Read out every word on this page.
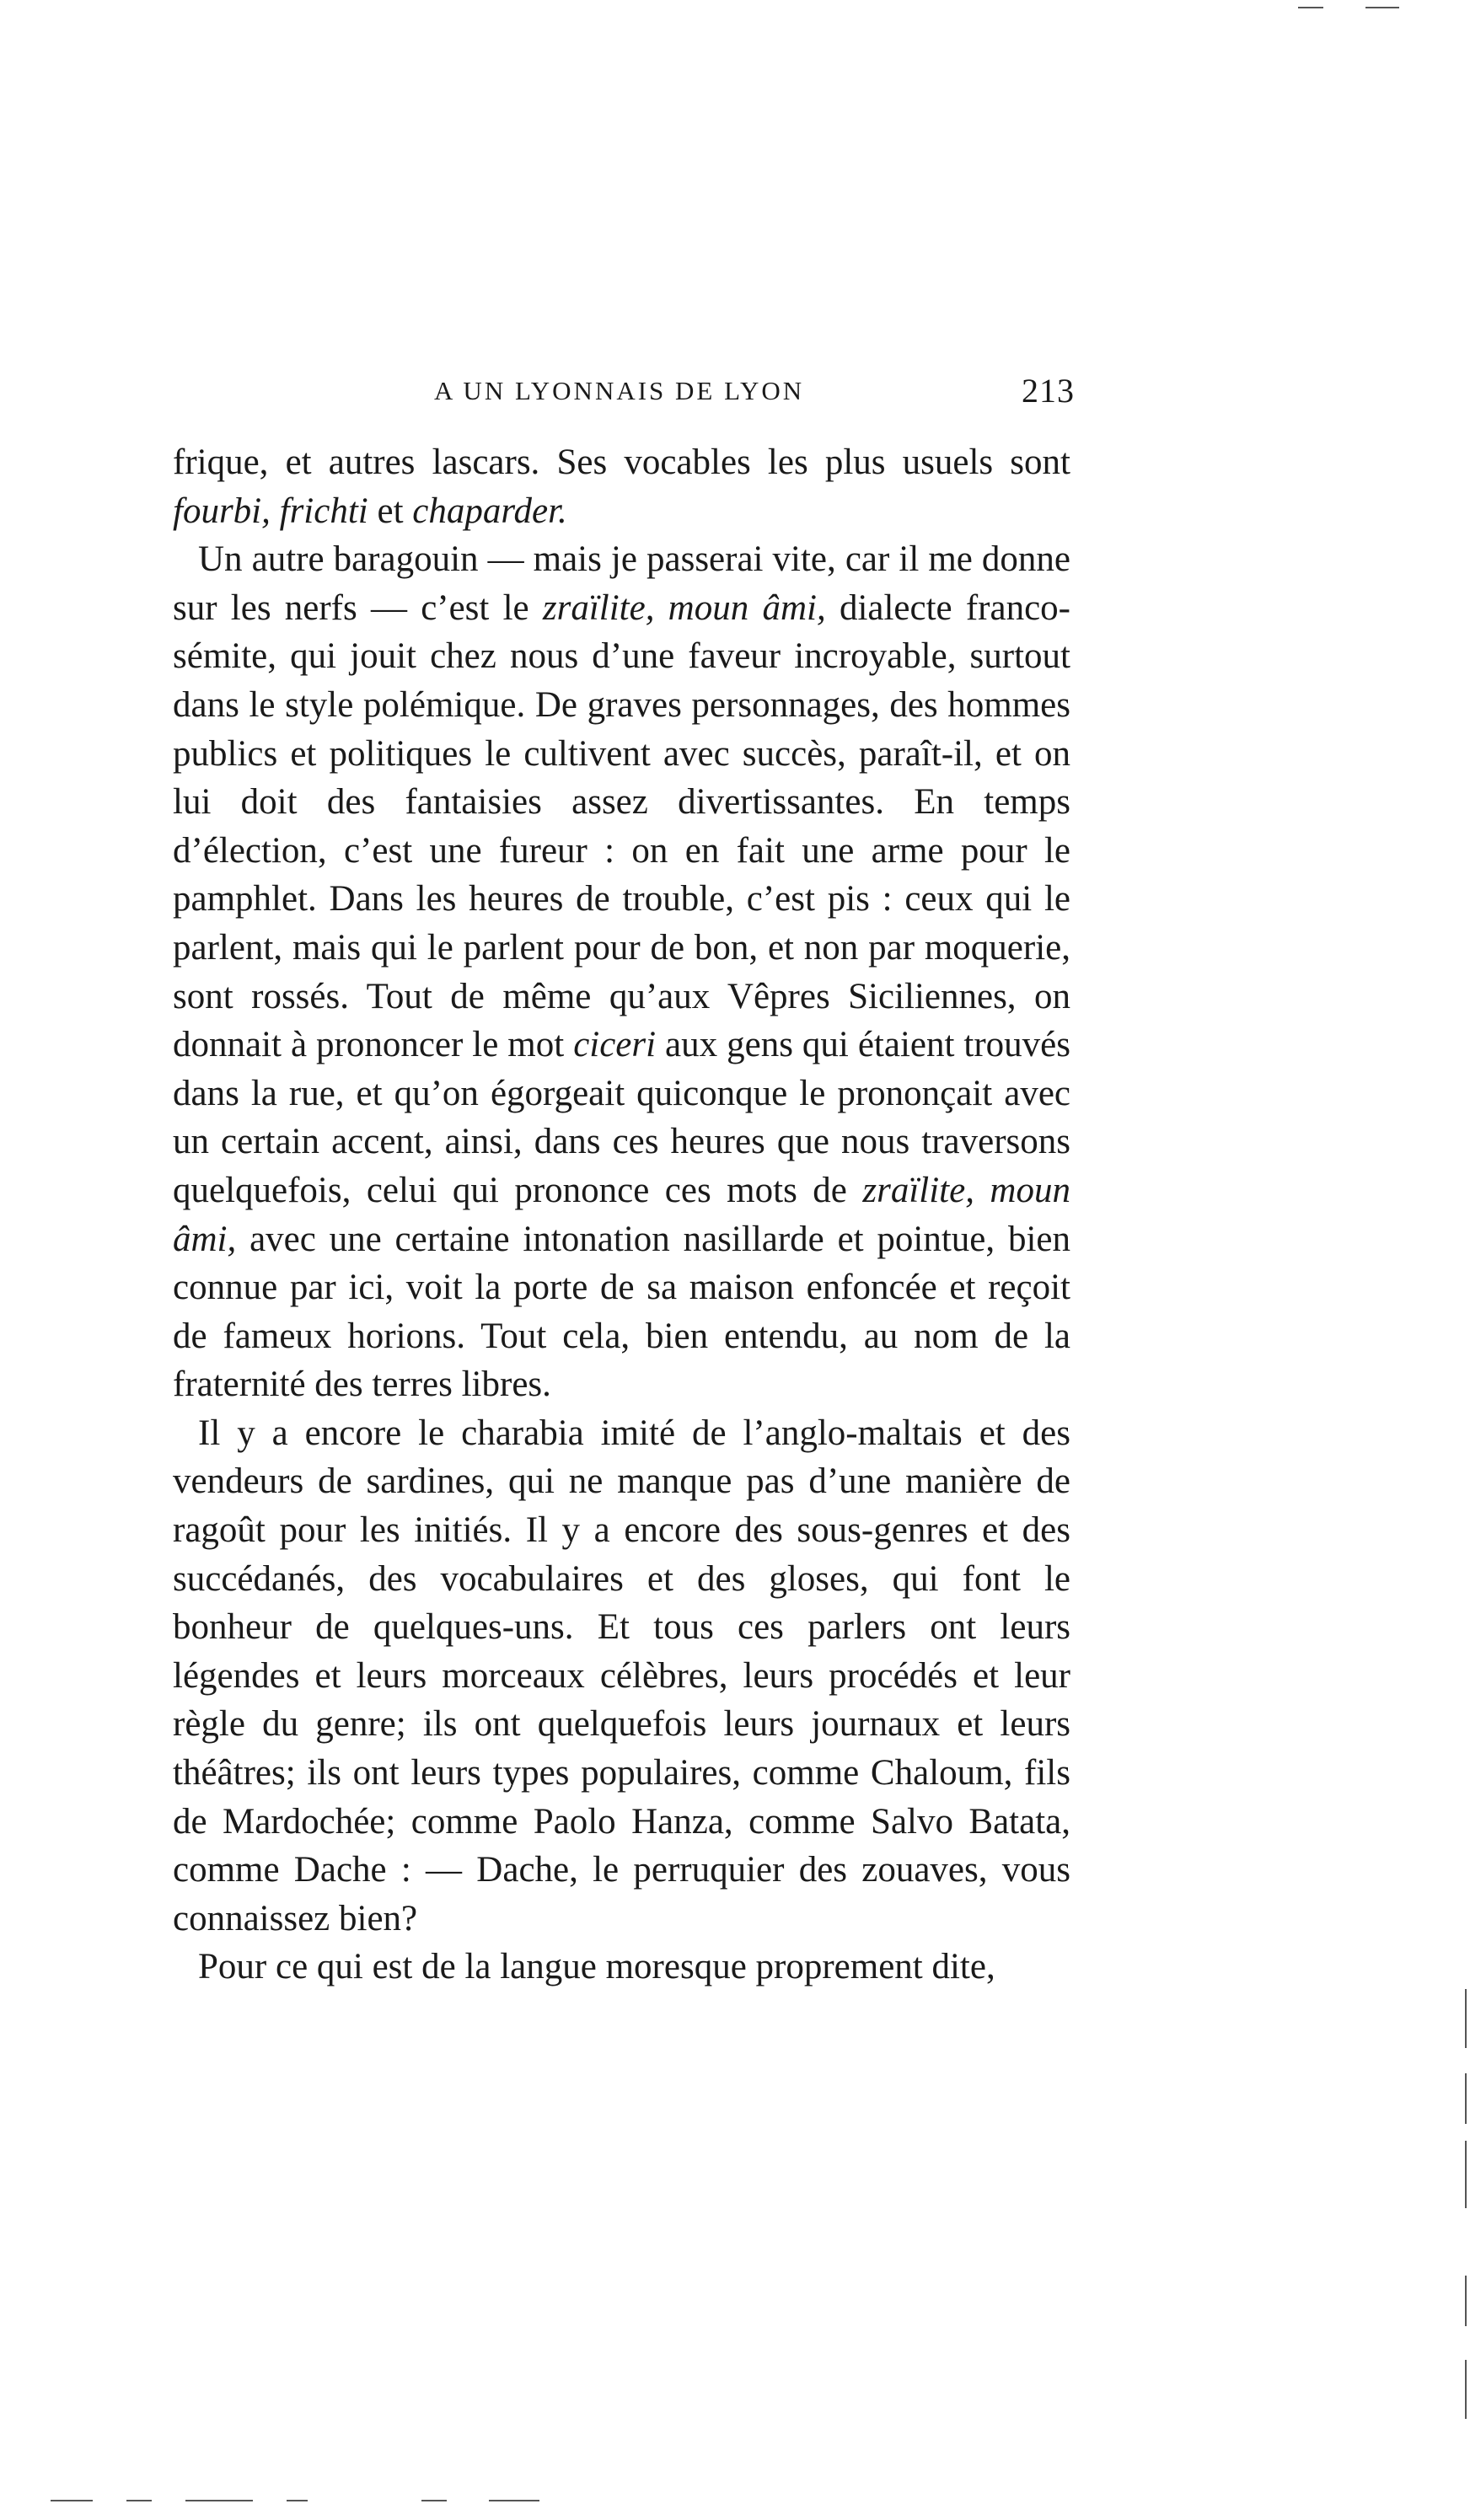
A UN LYONNAIS DE LYON	213

frique, et autres lascars. Ses vocables les plus usuels sont fourbi, frichti et chaparder.

Un autre baragouin — mais je passerai vite, car il me donne sur les nerfs — c’est le zraïlite, moun âmi, dialecte franco-sémite, qui jouit chez nous d’une faveur incroyable, surtout dans le style polémique. De graves personnages, des hommes publics et politiques le cultivent avec succès, paraît-il, et on lui doit des fantaisies assez divertissantes. En temps d’élection, c’est une fureur : on en fait une arme pour le pamphlet. Dans les heures de trouble, c’est pis : ceux qui le parlent, mais qui le parlent pour de bon, et non par moquerie, sont rossés. Tout de même qu’aux Vêpres Siciliennes, on donnait à prononcer le mot ciceri aux gens qui étaient trouvés dans la rue, et qu’on égorgeait quiconque le prononçait avec un certain accent, ainsi, dans ces heures que nous traversons quelquefois, celui qui prononce ces mots de zraïlite, moun âmi, avec une certaine intonation nasillarde et pointue, bien connue par ici, voit la porte de sa maison enfoncée et reçoit de fameux horions. Tout cela, bien entendu, au nom de la fraternité des terres libres.

Il y a encore le charabia imité de l’anglo-maltais et des vendeurs de sardines, qui ne manque pas d’une manière de ragoût pour les initiés. Il y a encore des sous-genres et des succédanés, des vocabulaires et des gloses, qui font le bonheur de quelques-uns. Et tous ces parlers ont leurs légendes et leurs morceaux célèbres, leurs procédés et leur règle du genre; ils ont quelquefois leurs journaux et leurs théâtres; ils ont leurs types populaires, comme Chaloum, fils de Mardochée; comme Paolo Hanza, comme Salvo Batata, comme Dache : — Dache, le perruquier des zouaves, vous connaissez bien?

Pour ce qui est de la langue moresque proprement dite,
